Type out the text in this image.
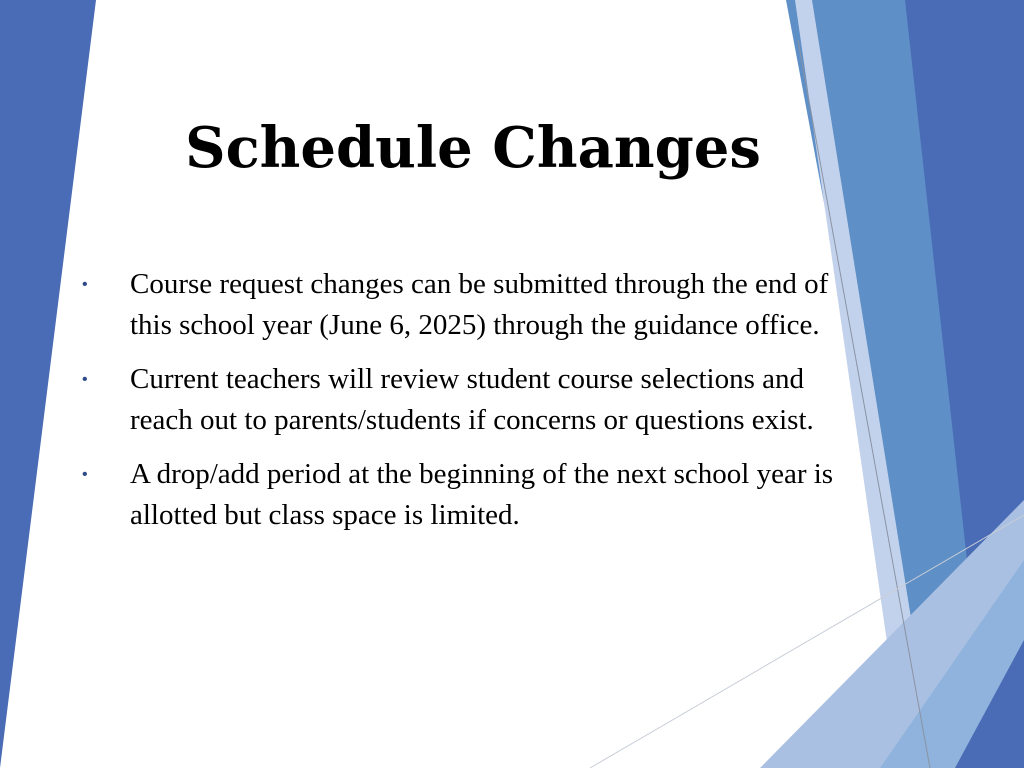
Schedule Changes
• Course request changes can be submitted through the end of this school year (June 6, 2025) through the guidance office.
• Current teachers will review student course selections and reach out to parents/students if concerns or questions exist.
• A drop/add period at the beginning of the next school year is allotted but class space is limited.
